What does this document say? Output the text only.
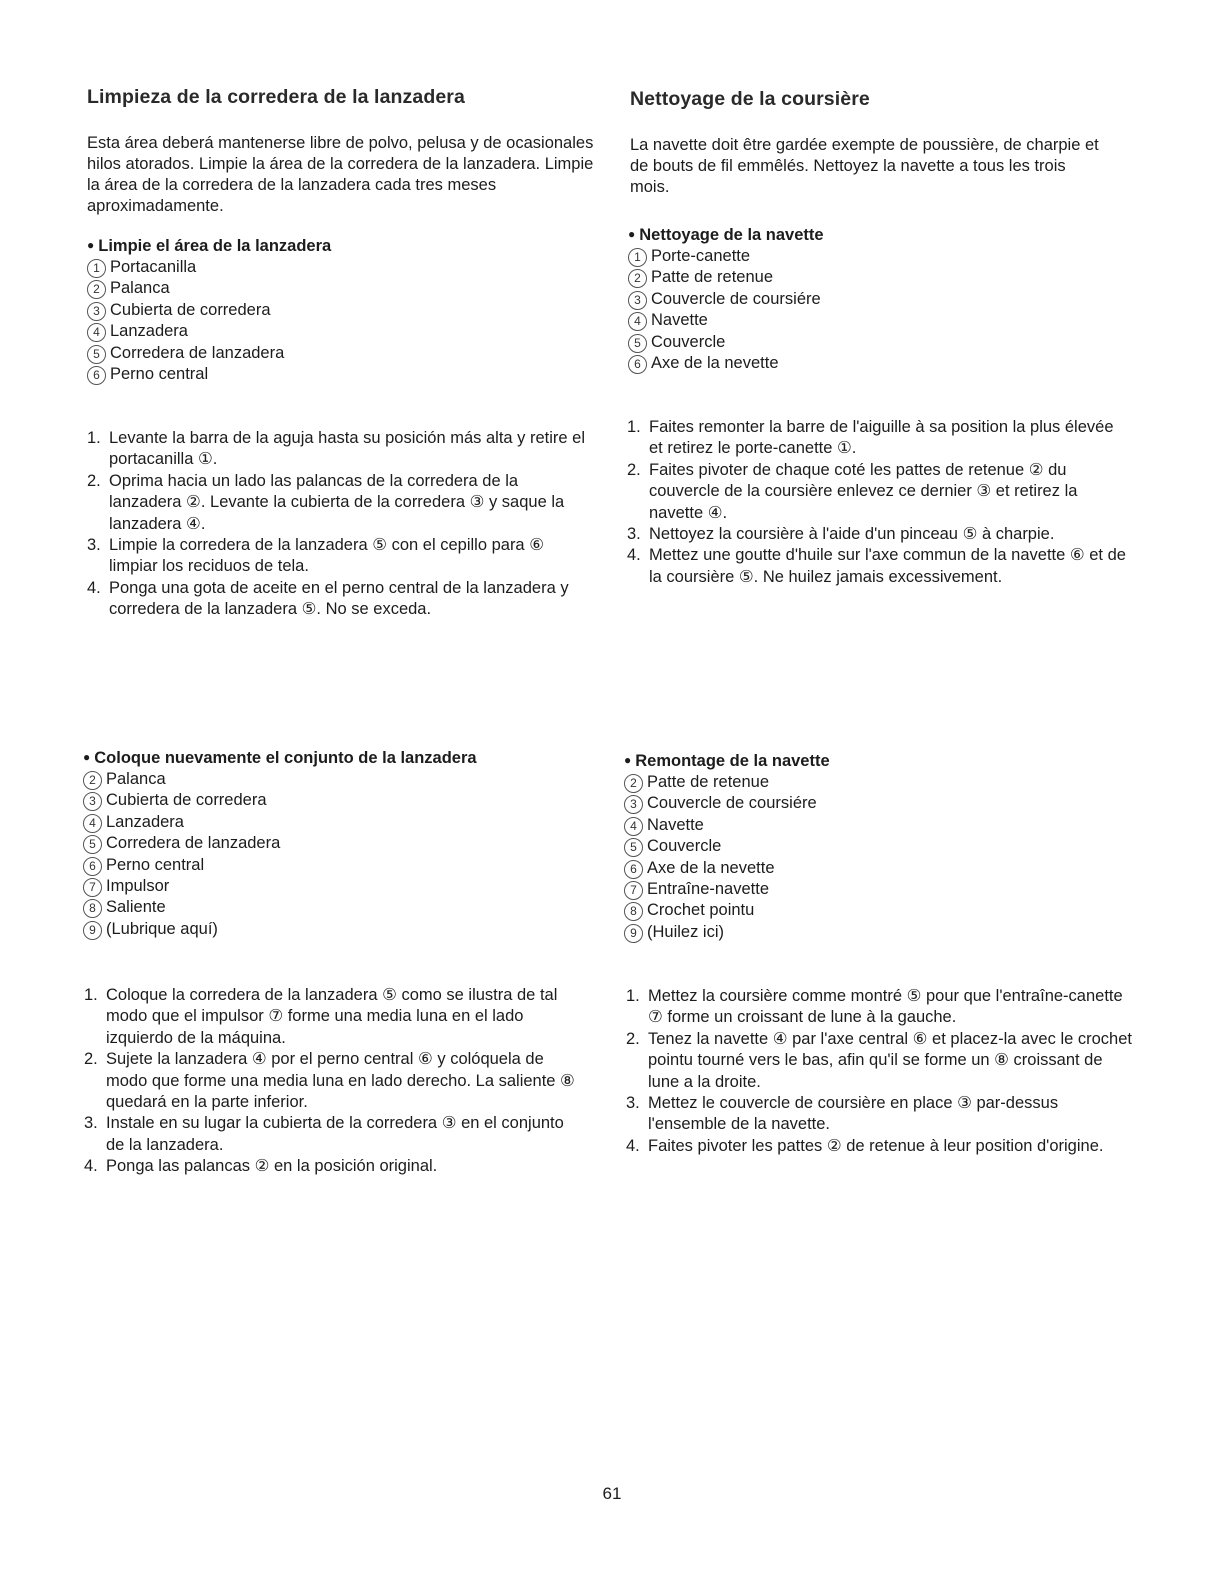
Limpieza de la corredera de la lanzadera

Esta área deberá mantenerse libre de polvo, pelusa y de ocasionales hilos atorados. Limpie la área de la corredera de la lanzadera. Limpie la área de la corredera de la lanzadera cada tres meses aproximadamente.

● Limpie el área de la lanzadera

1 Portacanilla
2 Palanca
3 Cubierta de corredera
4 Lanzadera
5 Corredera de lanzadera
6 Perno central
1. Levante la barra de la aguja hasta su posición más alta y retire el portacanilla ①.
2. Oprima hacia un lado las palancas de la corredera de la lanzadera ②. Levante la cubierta de la corredera ③ y saque la lanzadera ④.
3. Limpie la corredera de la lanzadera ⑤ con el cepillo para ⑥ limpiar los reciduos de tela.
4. Ponga una gota de aceite en el perno central de la lanzadera y corredera de la lanzadera ⑤. No se exceda.

● Coloque nuevamente el conjunto de la lanzadera

2 Palanca
3 Cubierta de corredera
4 Lanzadera
5 Corredera de lanzadera
6 Perno central
7 Impulsor
8 Saliente
9 (Lubrique aquí)
1. Coloque la corredera de la lanzadera ⑤ como se ilustra de tal modo que el impulsor ⑦ forme una media luna en el lado izquierdo de la máquina.
2. Sujete la lanzadera ④ por el perno central ⑥ y colóquela de modo que forme una media luna en lado derecho. La saliente ⑧ quedará en la parte inferior.
3. Instale en su lugar la cubierta de la corredera ③ en el conjunto de la lanzadera.
4. Ponga las palancas ② en la posición original.
Nettoyage de la coursière

La navette doit être gardée exempte de poussière, de charpie et de bouts de fil emmêlés. Nettoyez la navette a tous les trois mois.

● Nettoyage de la navette

1 Porte-canette
2 Patte de retenue
3 Couvercle de coursiére
4 Navette
5 Couvercle
6 Axe de la nevette
1. Faites remonter la barre de l'aiguille à sa position la plus élevée et retirez le porte-canette ①.
2. Faites pivoter de chaque coté les pattes de retenue ② du couvercle de la coursière enlevez ce dernier ③ et retirez la navette ④.
3. Nettoyez la coursière à l'aide d'un pinceau ⑤ à charpie.
4. Mettez une goutte d'huile sur l'axe commun de la navette ⑥ et de la coursière ⑤. Ne huilez jamais excessivement.

● Remontage de la navette

2 Patte de retenue
3 Couvercle de coursiére
4 Navette
5 Couvercle
6 Axe de la nevette
7 Entraîne-navette
8 Crochet pointu
9 (Huilez ici)
1. Mettez la coursière comme montré ⑤ pour que l'entraîne-canette ⑦ forme un croissant de lune à la gauche.
2. Tenez la navette ④ par l'axe central ⑥ et placez-la avec le crochet pointu tourné vers le bas, afin qu'il se forme un ⑧ croissant de lune a la droite.
3. Mettez le couvercle de coursière en place ③ par-dessus l'ensemble de la navette.
4. Faites pivoter les pattes ② de retenue à leur position d'origine.
61
